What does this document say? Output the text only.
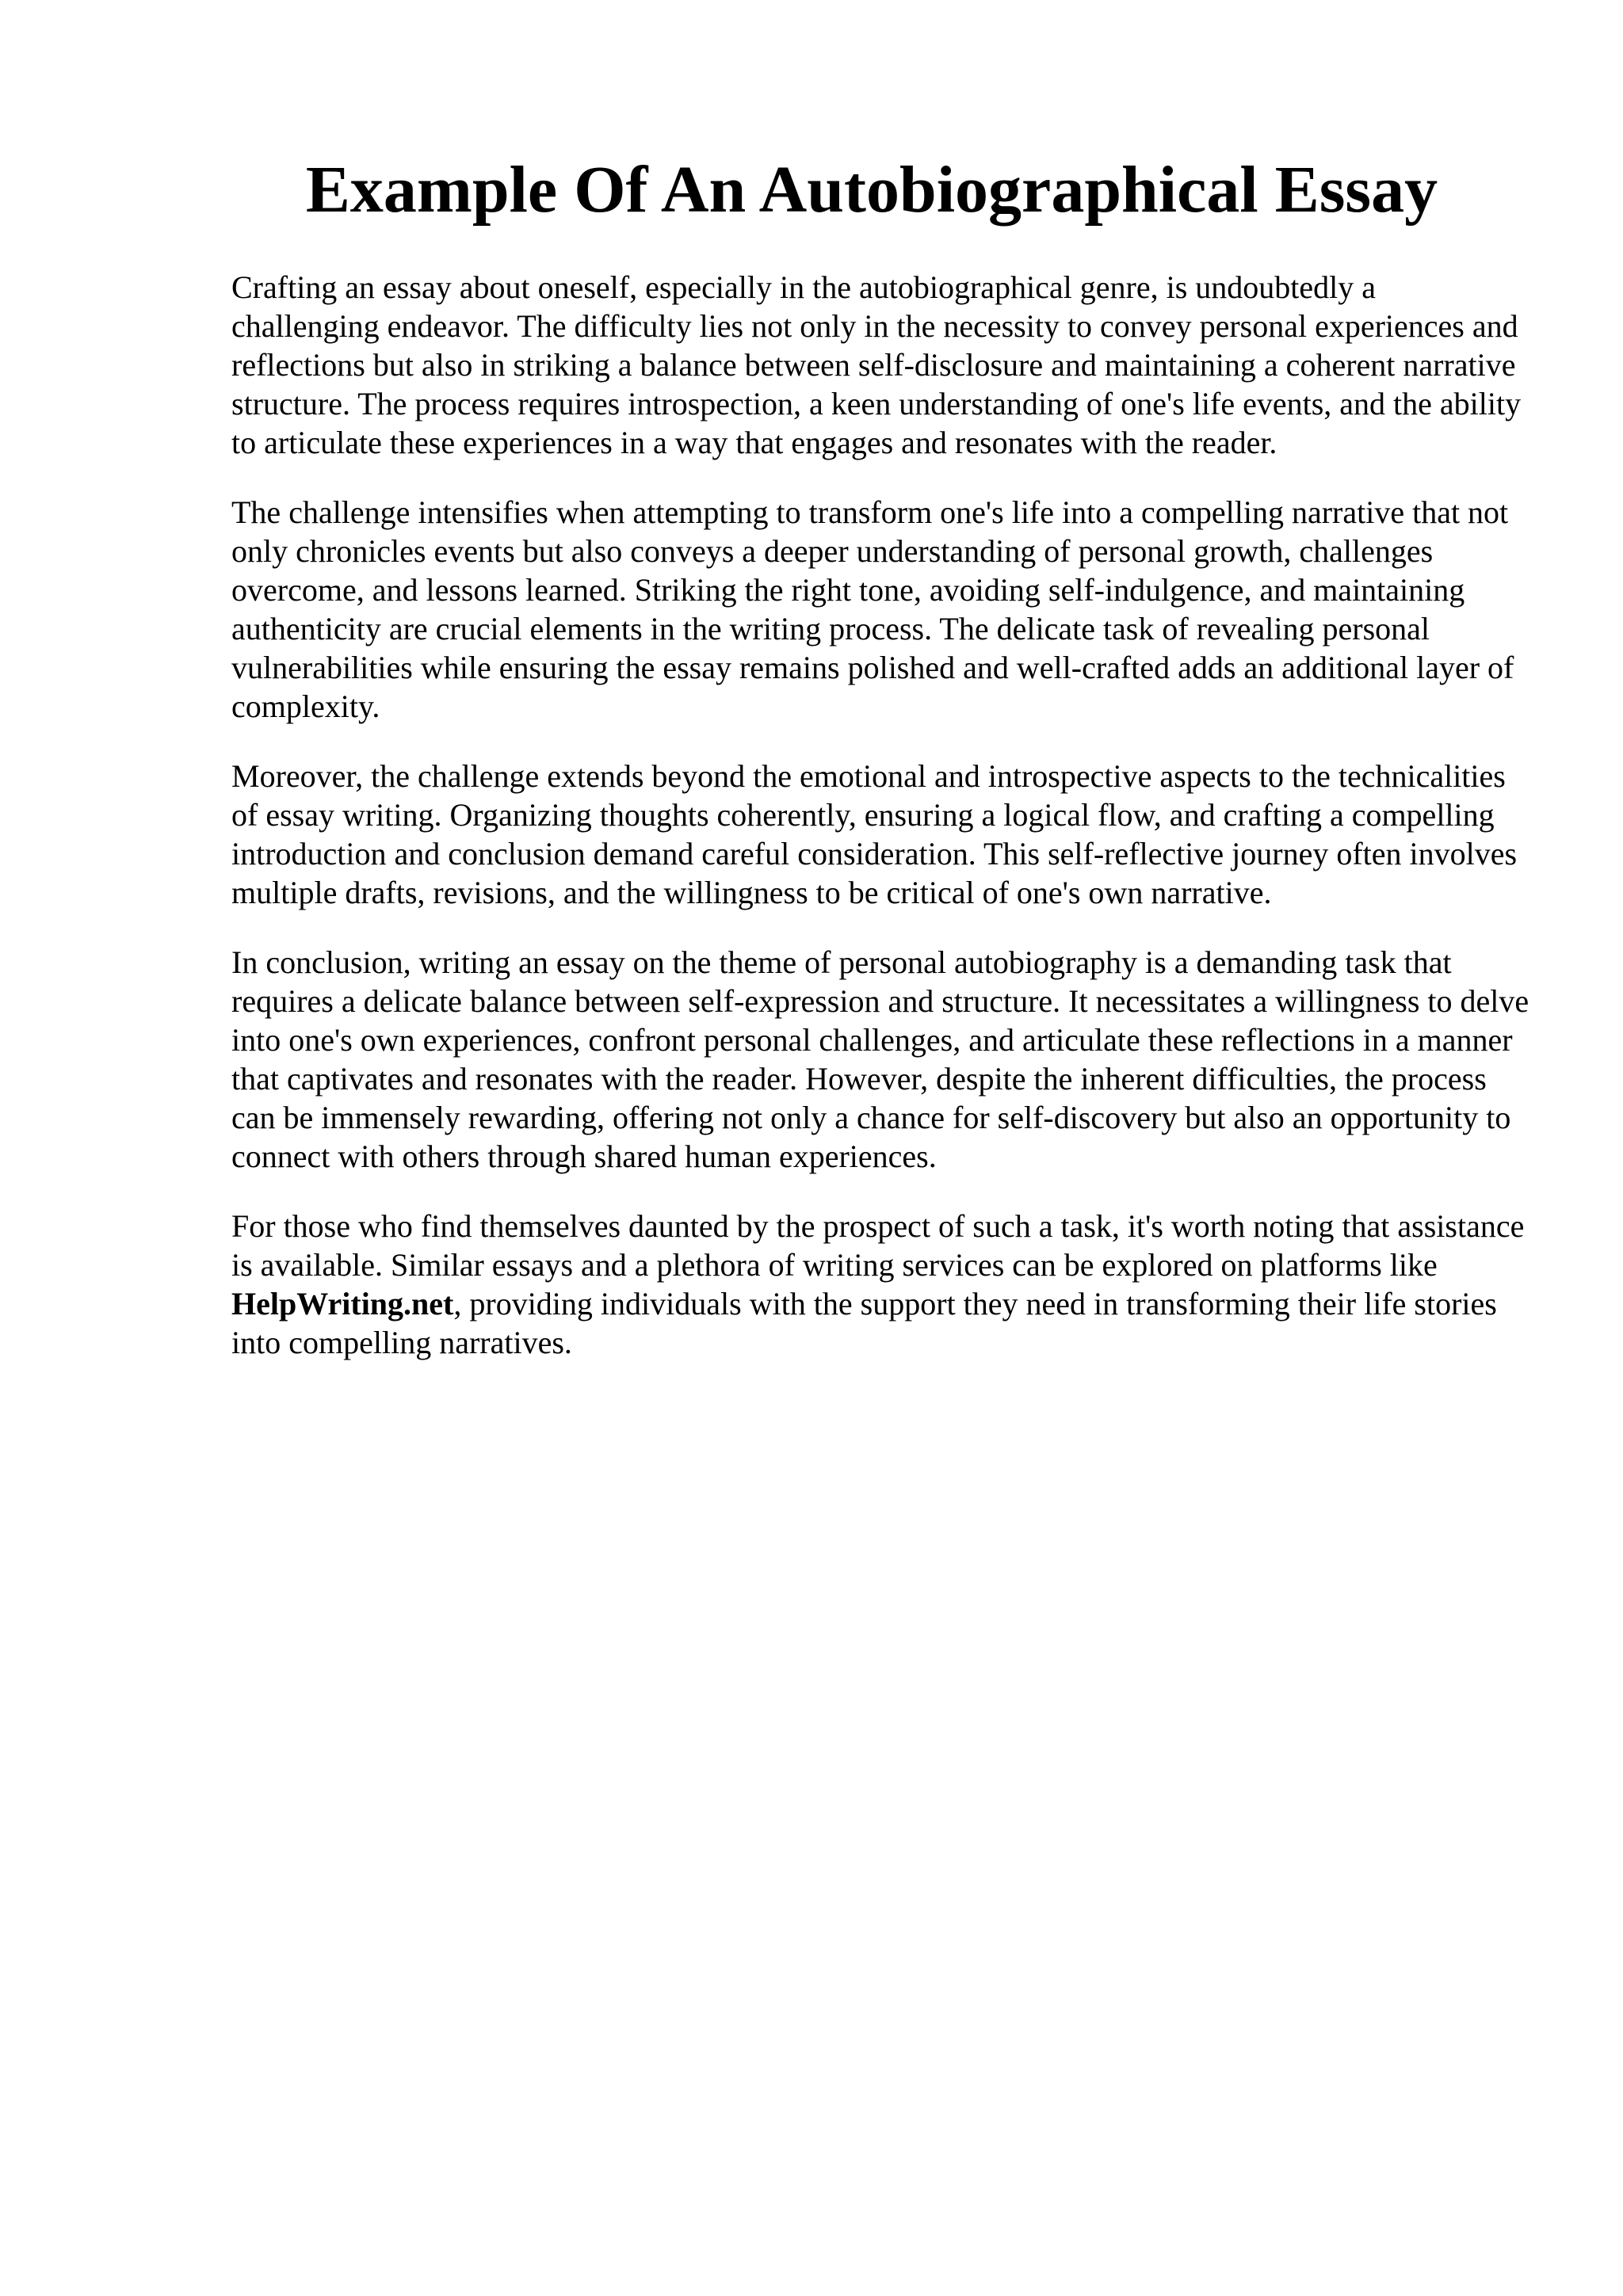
Example Of An Autobiographical Essay

Crafting an essay about oneself, especially in the autobiographical genre, is undoubtedly a challenging endeavor. The difficulty lies not only in the necessity to convey personal experiences and reflections but also in striking a balance between self-disclosure and maintaining a coherent narrative structure. The process requires introspection, a keen understanding of one's life events, and the ability to articulate these experiences in a way that engages and resonates with the reader.

The challenge intensifies when attempting to transform one's life into a compelling narrative that not only chronicles events but also conveys a deeper understanding of personal growth, challenges overcome, and lessons learned. Striking the right tone, avoiding self-indulgence, and maintaining authenticity are crucial elements in the writing process. The delicate task of revealing personal vulnerabilities while ensuring the essay remains polished and well-crafted adds an additional layer of complexity.

Moreover, the challenge extends beyond the emotional and introspective aspects to the technicalities of essay writing. Organizing thoughts coherently, ensuring a logical flow, and crafting a compelling introduction and conclusion demand careful consideration. This self-reflective journey often involves multiple drafts, revisions, and the willingness to be critical of one's own narrative.

In conclusion, writing an essay on the theme of personal autobiography is a demanding task that requires a delicate balance between self-expression and structure. It necessitates a willingness to delve into one's own experiences, confront personal challenges, and articulate these reflections in a manner that captivates and resonates with the reader. However, despite the inherent difficulties, the process can be immensely rewarding, offering not only a chance for self-discovery but also an opportunity to connect with others through shared human experiences.

For those who find themselves daunted by the prospect of such a task, it's worth noting that assistance is available. Similar essays and a plethora of writing services can be explored on platforms like HelpWriting.net, providing individuals with the support they need in transforming their life stories into compelling narratives.
